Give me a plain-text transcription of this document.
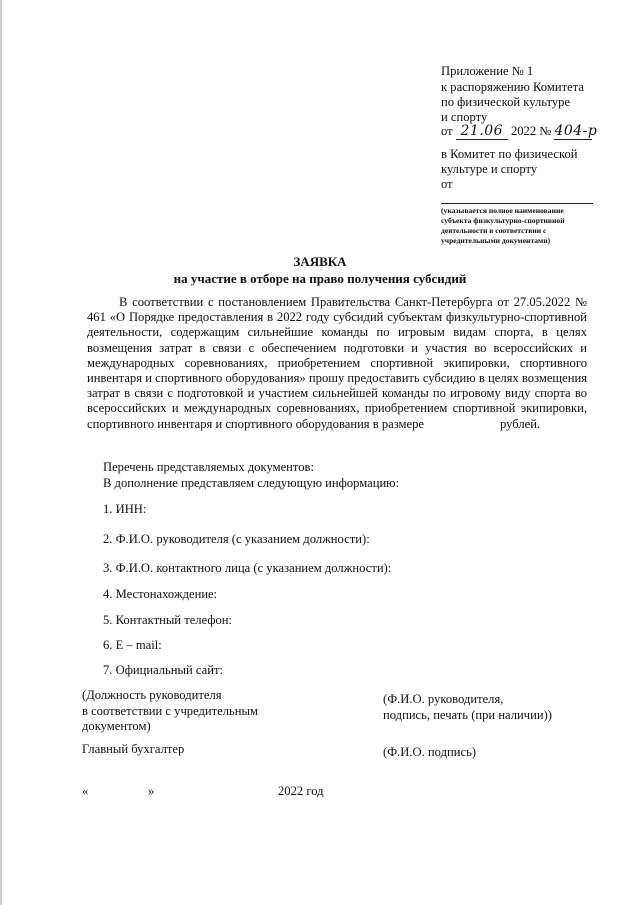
Приложение № 1
к распоряжению Комитета
по физической культуре
и спорту
от 21.06 2022 № 404-р
в Комитет по физической
культуре и спорту
от
(указывается полное наименование субъекта физкультурно-спортивной деятельности в соответствии с учредительными документами)
ЗАЯВКА
на участие в отборе на право получения субсидий
В соответствии с постановлением Правительства Санкт-Петербурга от 27.05.2022 № 461 «О Порядке предоставления в 2022 году субсидий субъектам физкультурно-спортивной деятельности, содержащим сильнейшие команды по игровым видам спорта, в целях возмещения затрат в связи с обеспечением подготовки и участия во всероссийских и международных соревнованиях, приобретением спортивной экипировки, спортивного инвентаря и спортивного оборудования» прошу предоставить субсидию в целях возмещения затрат в связи с подготовкой и участием сильнейшей команды по игровому виду спорта во всероссийских и международных соревнованиях, приобретением спортивной экипировки, спортивного инвентаря и спортивного оборудования в размере	рублей.
Перечень представляемых документов:
В дополнение представляем следующую информацию:
1. ИНН:
2. Ф.И.О. руководителя (с указанием должности):
3. Ф.И.О. контактного лица (с указанием должности):
4. Местонахождение:
5. Контактный телефон:
6. E – mail:
7. Официальный сайт:
(Должность руководителя
в соответствии с учредительным
документом)
(Ф.И.О. руководителя,
подпись, печать (при наличии))
Главный бухгалтер	(Ф.И.О. подпись)
«	»	2022 год
